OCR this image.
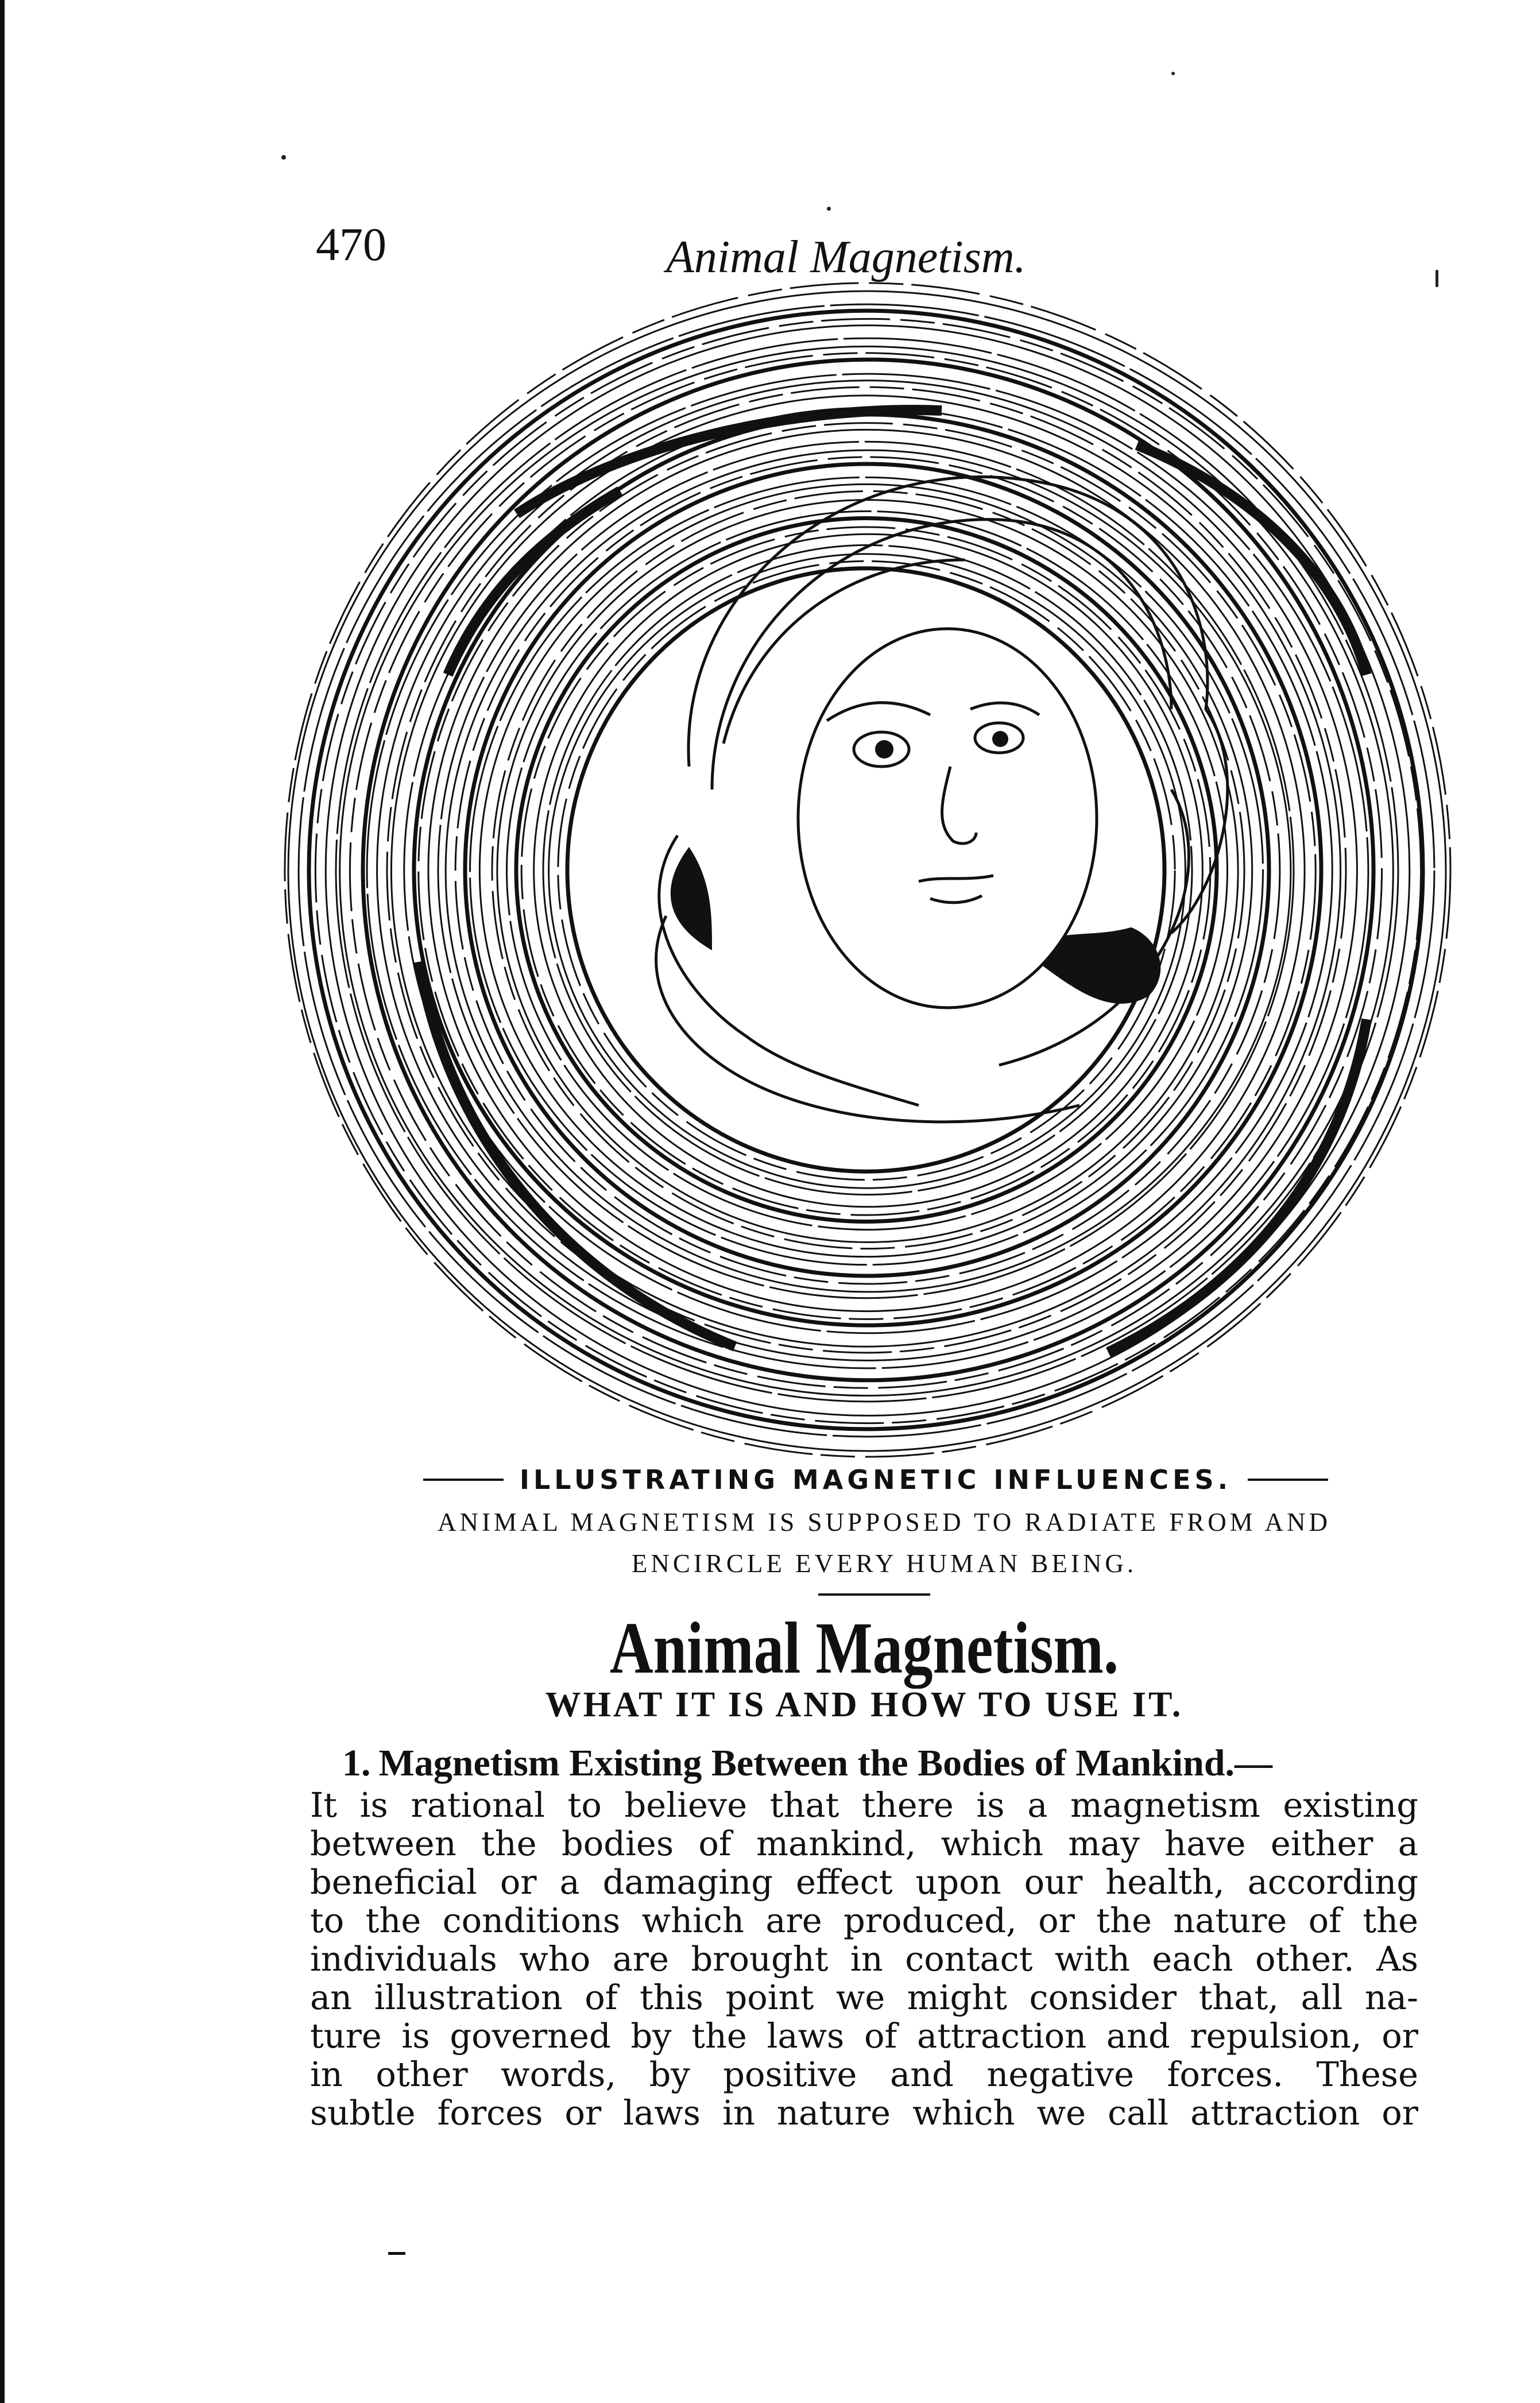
470	Animal Magnetism.
ILLUSTRATING MAGNETIC INFLUENCES.
ANIMAL MAGNETISM IS SUPPOSED TO RADIATE FROM AND
ENCIRCLE EVERY HUMAN BEING.
Animal Magnetism.
WHAT IT IS AND HOW TO USE IT.
1. Magnetism Existing Between the Bodies of Mankind.—
It is rational to believe that there is a magnetism existing
between the bodies of mankind, which may have either a
beneficial or a damaging effect upon our health, according
to the conditions which are produced, or the nature of the
individuals who are brought in contact with each other. As
an illustration of this point we might consider that, all na-
ture is governed by the laws of attraction and repulsion, or
in other words, by positive and negative forces. These
subtle forces or laws in nature which we call attraction or
